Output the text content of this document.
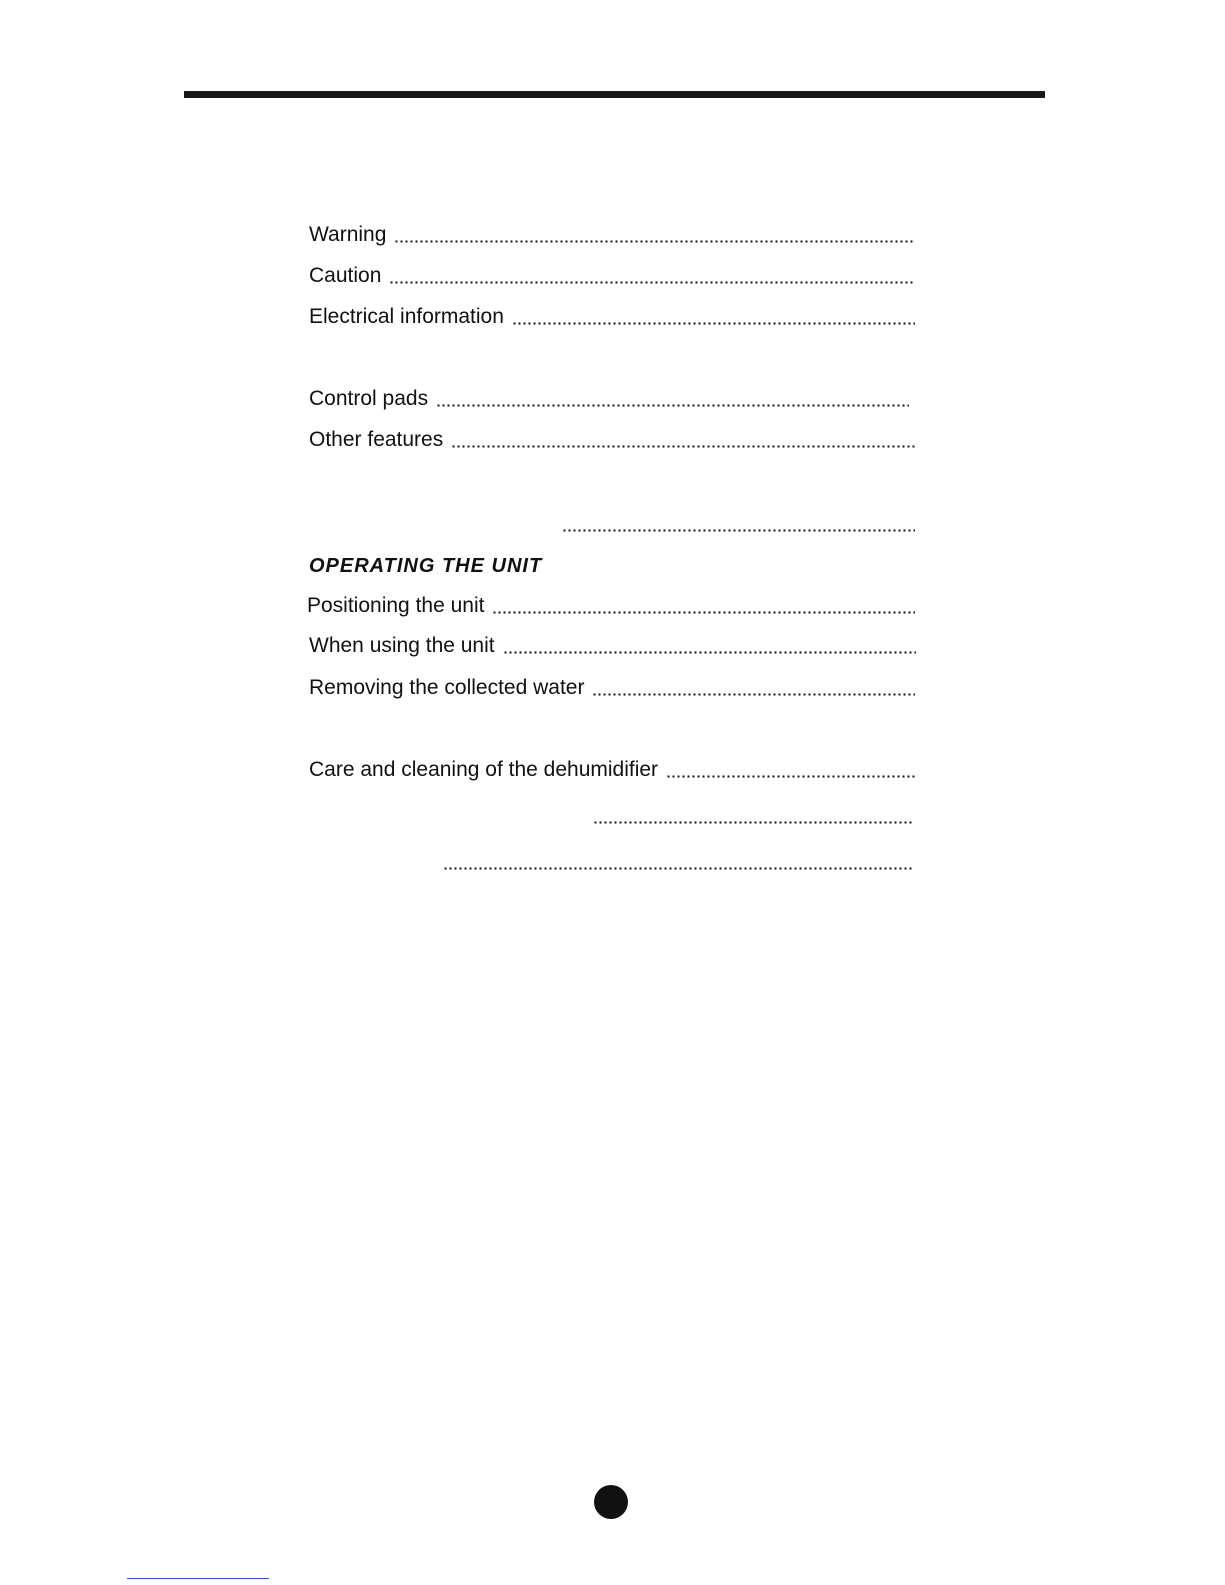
Warning
Caution
Electrical information
Control pads
Other features
OPERATING THE UNIT
Positioning the unit
When using the unit
Removing the collected water
Care and cleaning of the dehumidifier
